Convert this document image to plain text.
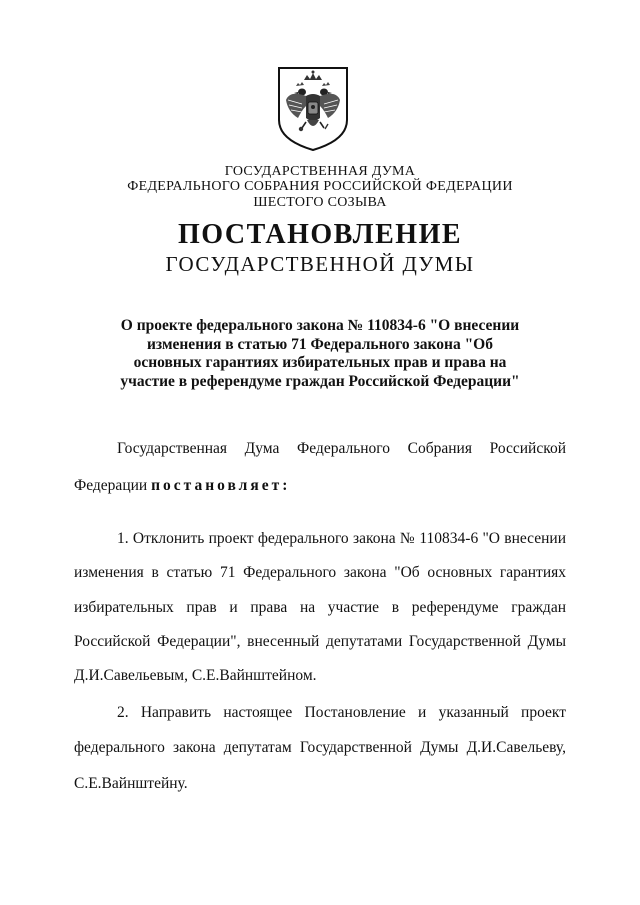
ГОСУДАРСТВЕННАЯ ДУМА
ФЕДЕРАЛЬНОГО СОБРАНИЯ РОССИЙСКОЙ ФЕДЕРАЦИИ
ШЕСТОГО СОЗЫВА
ПОСТАНОВЛЕНИЕ
ГОСУДАРСТВЕННОЙ ДУМЫ
О проекте федерального закона № 110834-6 "О внесении
изменения в статью 71 Федерального закона "Об
основных гарантиях избирательных прав и права на
участие в референдуме граждан Российской Федерации"
Государственная Дума Федерального Собрания Российской
Федерации постановляет:
1. Отклонить проект федерального закона № 110834-6 "О внесении
изменения в статью 71 Федерального закона "Об основных гарантиях
избирательных прав и права на участие в референдуме граждан
Российской Федерации", внесенный депутатами Государственной Думы
Д.И.Савельевым, С.Е.Вайнштейном.
2. Направить настоящее Постановление и указанный проект
федерального закона депутатам Государственной Думы Д.И.Савельеву,
С.Е.Вайнштейну.
